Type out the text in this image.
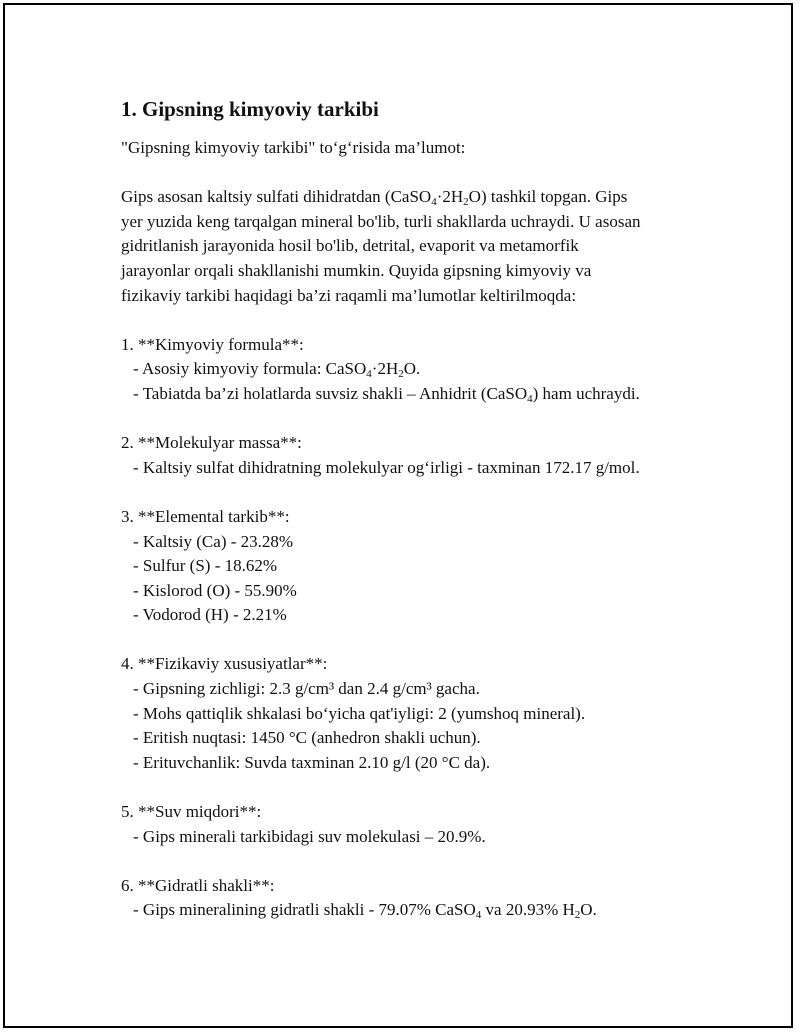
1. Gipsning kimyoviy tarkibi
"Gipsning kimyoviy tarkibi" to‘g‘risida ma’lumot:
Gips asosan kaltsiy sulfati dihidratdan $(CaSO_4\cdot 2H_2O)$ tashkil topgan. Gips
yer yuzida keng tarqalgan mineral bo'lib, turli shakllarda uchraydi. U asosan
gidritlanish jarayonida hosil bo'lib, detrital, evaporit va metamorfik
jarayonlar orqali shakllanishi mumkin. Quyida gipsning kimyoviy va
fizikaviy tarkibi haqidagi ba’zi raqamli ma’lumotlar keltirilmoqda:
1. **Kimyoviy formula**:
- Asosiy kimyoviy formula: $CaSO_4\cdot 2H_2O$.
- Tabiatda ba’zi holatlarda suvsiz shakli – Anhidrit (CaSO$_4$) ham uchraydi.
2. **Molekulyar massa**:
- Kaltsiy sulfat dihidratning molekulyar og‘irligi - taxminan 172.17 g/mol.
3. **Elemental tarkib**:
- Kaltsiy (Ca) - 23.28%
- Sulfur (S) - 18.62%
- Kislorod (O) - 55.90%
- Vodorod (H) - 2.21%
4. **Fizikaviy xususiyatlar**:
- Gipsning zichligi: 2.3 g/cm³ dan 2.4 g/cm³ gacha.
- Mohs qattiqlik shkalasi bo‘yicha qat'iyligi: 2 (yumshoq mineral).
- Eritish nuqtasi: 1450 °C (anhedron shakli uchun).
- Erituvchanlik: Suvda taxminan 2.10 g/l (20 °C da).
5. **Suv miqdori**:
- Gips minerali tarkibidagi suv molekulasi – 20.9%.
6. **Gidratli shakli**:
- Gips mineralining gidratli shakli - 79.07% CaSO$_4$ va 20.93% $H_2O$.
